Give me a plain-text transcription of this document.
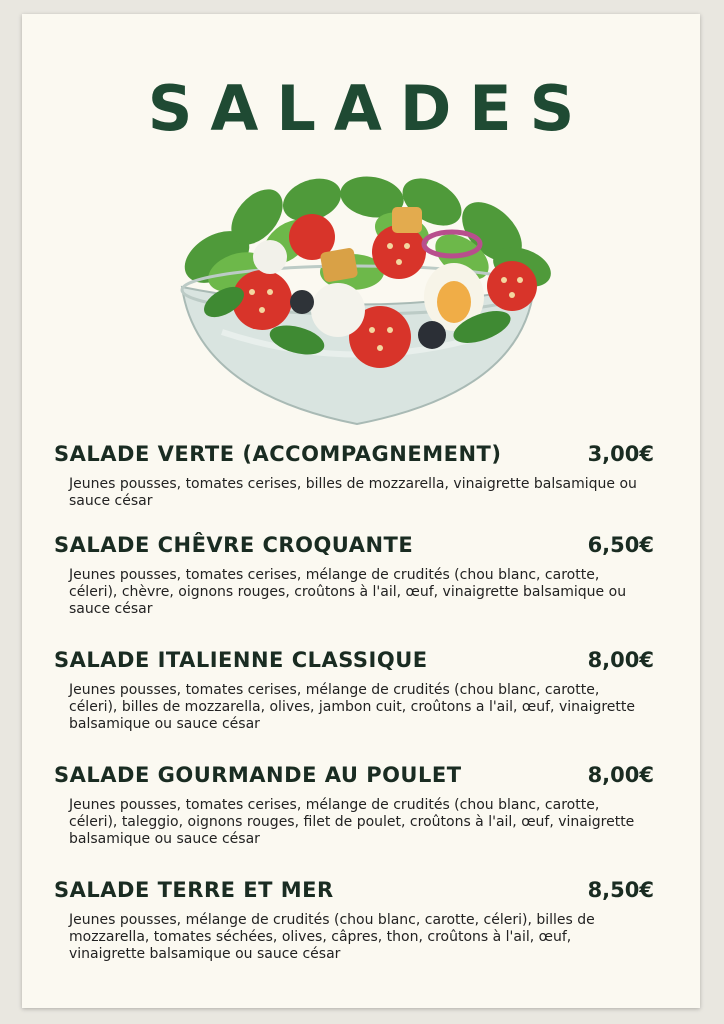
SALADES
SALADE VERTE (ACCOMPAGNEMENT)	3,00€
Jeunes pousses, tomates cerises, billes de mozzarella, vinaigrette balsamique ou sauce césar
SALADE CHÊVRE CROQUANTE	6,50€
Jeunes pousses, tomates cerises, mélange de crudités (chou blanc, carotte, céleri), chèvre, oignons rouges, croûtons à l'ail, œuf, vinaigrette balsamique ou sauce césar
SALADE ITALIENNE CLASSIQUE	8,00€
Jeunes pousses, tomates cerises, mélange de crudités (chou blanc, carotte, céleri), billes de mozzarella, olives, jambon cuit, croûtons a l'ail, œuf, vinaigrette balsamique ou sauce césar
SALADE GOURMANDE AU POULET	8,00€
Jeunes pousses, tomates cerises, mélange de crudités (chou blanc, carotte, céleri), taleggio, oignons rouges, filet de poulet, croûtons à l'ail, œuf, vinaigrette balsamique ou sauce césar
SALADE TERRE ET MER	8,50€
Jeunes pousses, mélange de crudités (chou blanc, carotte, céleri), billes de mozzarella, tomates séchées, olives, câpres, thon, croûtons à l'ail, œuf, vinaigrette balsamique ou sauce césar
